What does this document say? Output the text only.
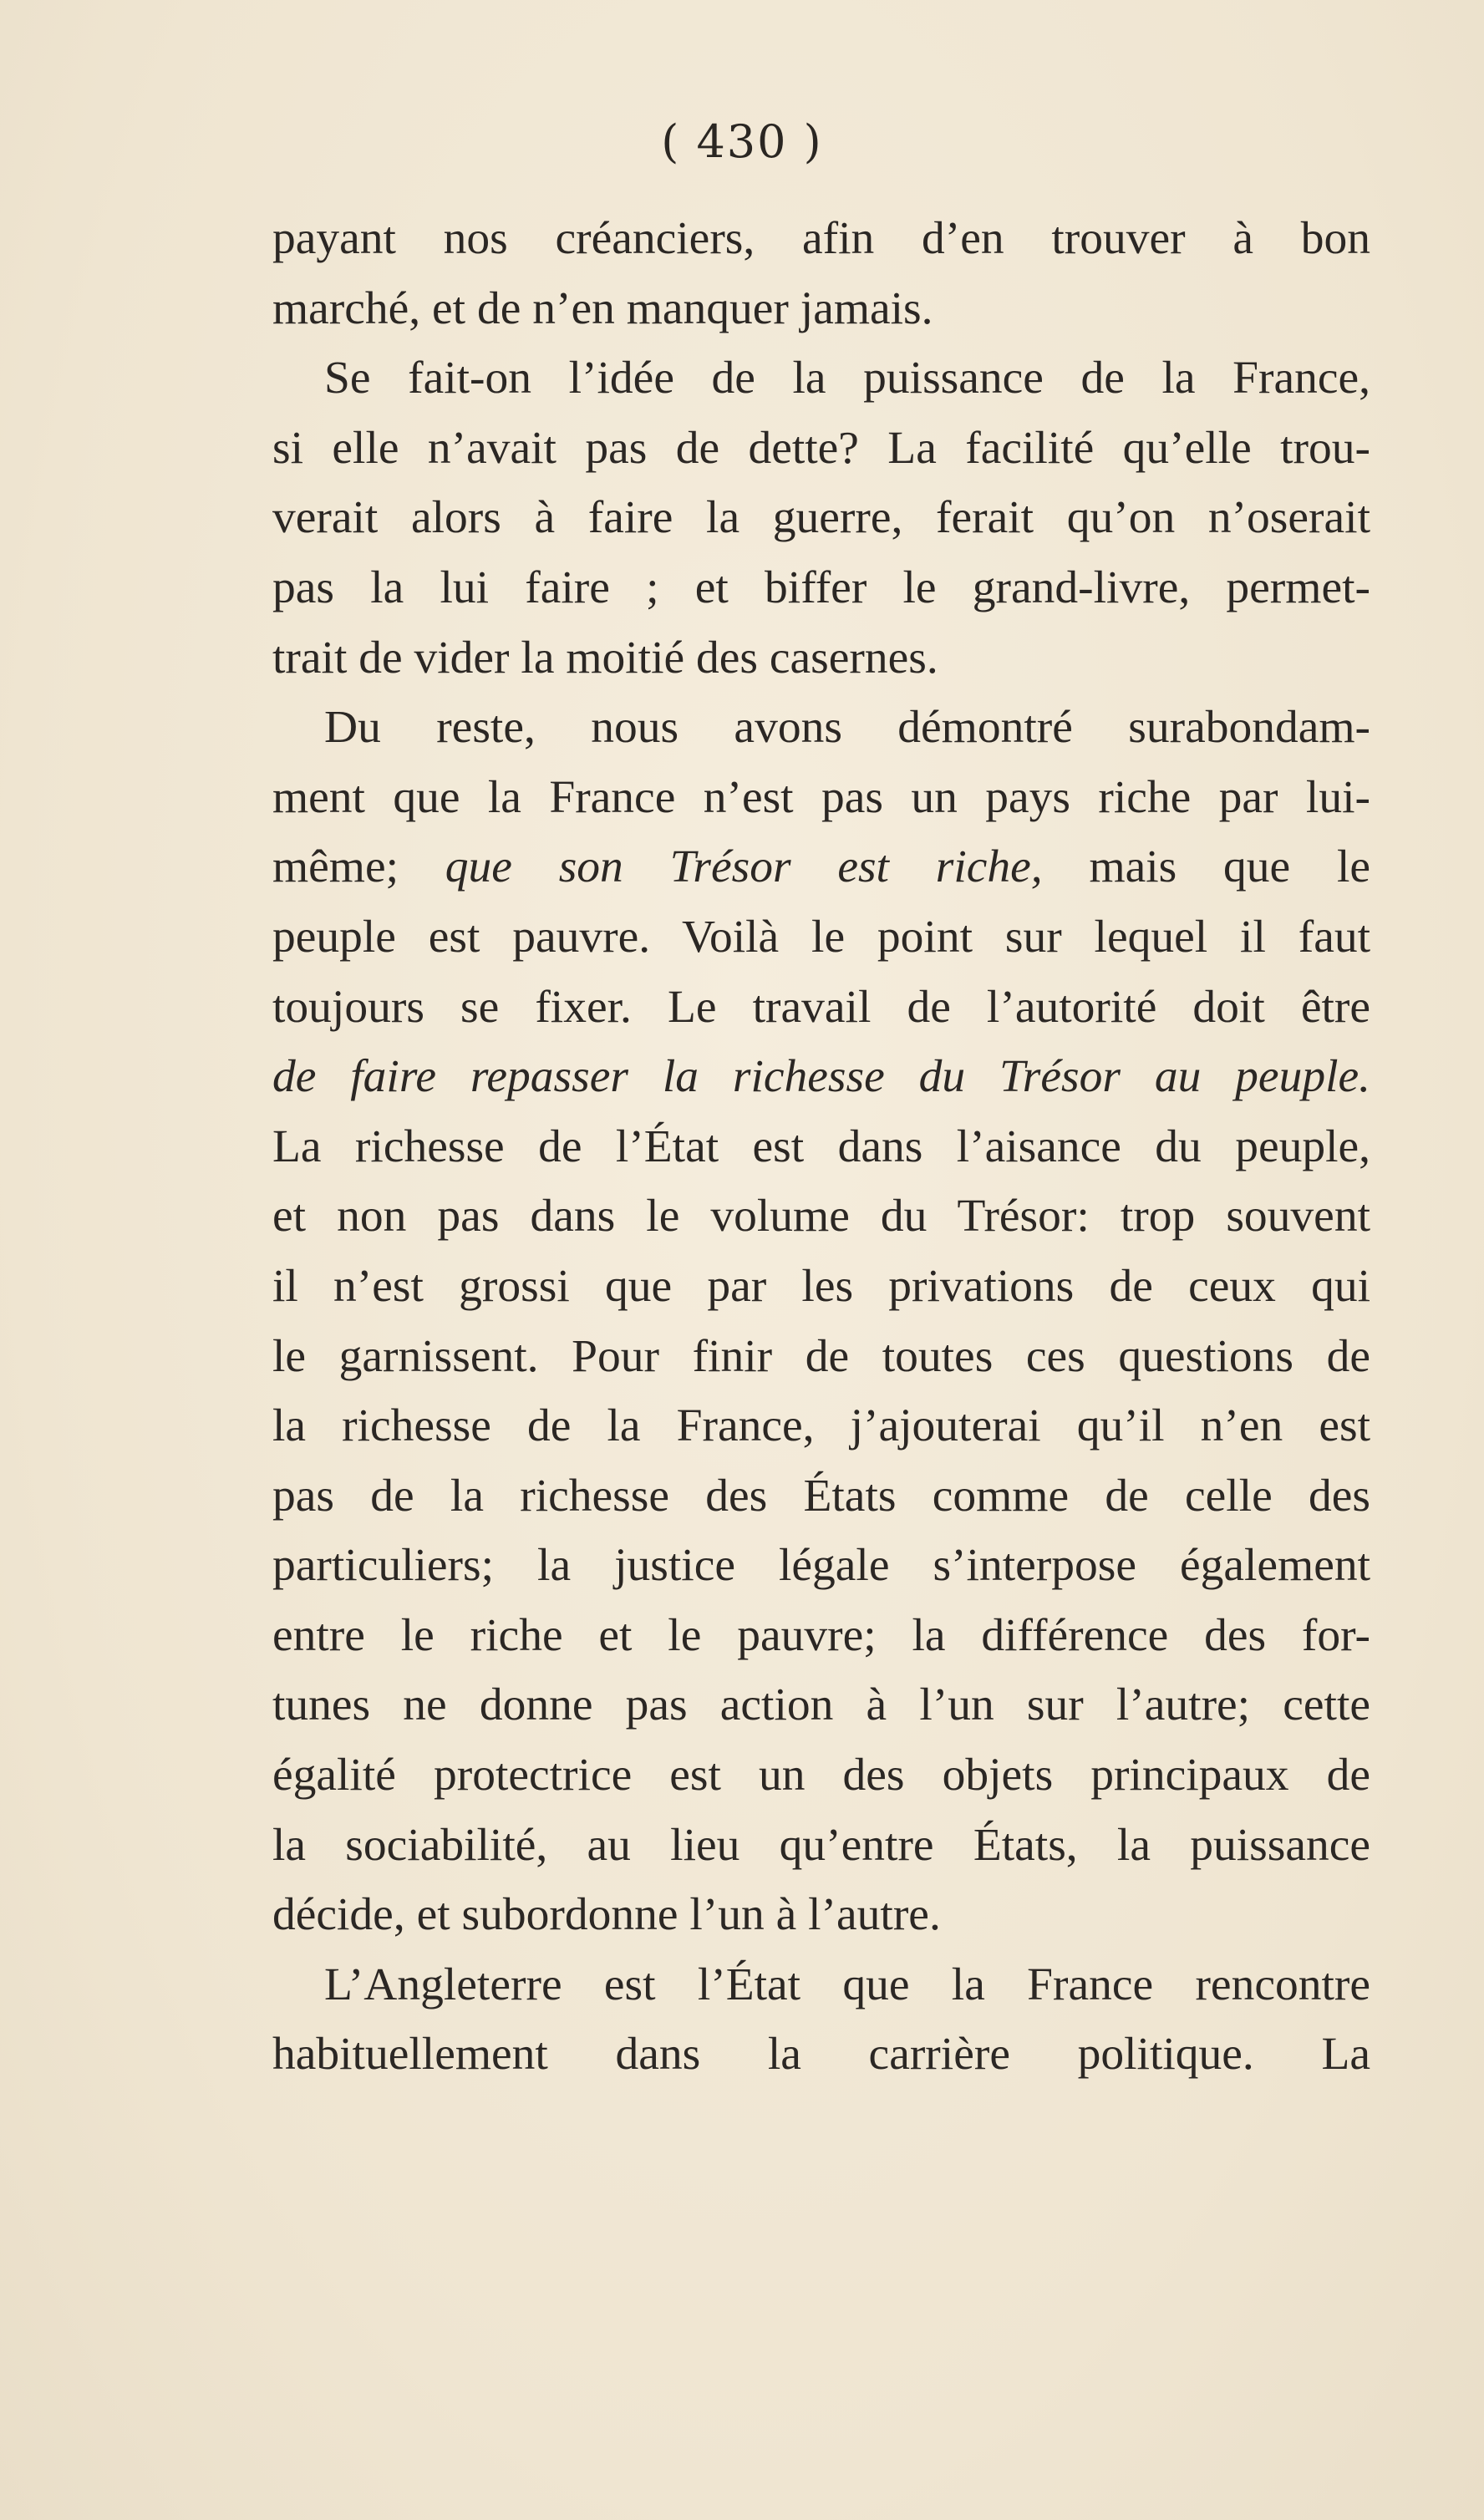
( 430 )
payant nos créanciers, afin d’en trouver à bon
marché, et de n’en manquer jamais.
Se fait-on l’idée de la puissance de la France,
si elle n’avait pas de dette? La facilité qu’elle trou-
verait alors à faire la guerre, ferait qu’on n’oserait
pas la lui faire ; et biffer le grand-livre, permet-
trait de vider la moitié des casernes.
Du reste, nous avons démontré surabondam-
ment que la France n’est pas un pays riche par lui-
même; que son Trésor est riche, mais que le
peuple est pauvre. Voilà le point sur lequel il faut
toujours se fixer. Le travail de l’autorité doit être
de faire repasser la richesse du Trésor au peuple.
La richesse de l’État est dans l’aisance du peuple,
et non pas dans le volume du Trésor: trop souvent
il n’est grossi que par les privations de ceux qui
le garnissent. Pour finir de toutes ces questions de
la richesse de la France, j’ajouterai qu’il n’en est
pas de la richesse des États comme de celle des
particuliers; la justice légale s’interpose également
entre le riche et le pauvre; la différence des for-
tunes ne donne pas action à l’un sur l’autre; cette
égalité protectrice est un des objets principaux de
la sociabilité, au lieu qu’entre États, la puissance
décide, et subordonne l’un à l’autre.
L’Angleterre est l’État que la France rencontre
habituellement dans la carrière politique. La
